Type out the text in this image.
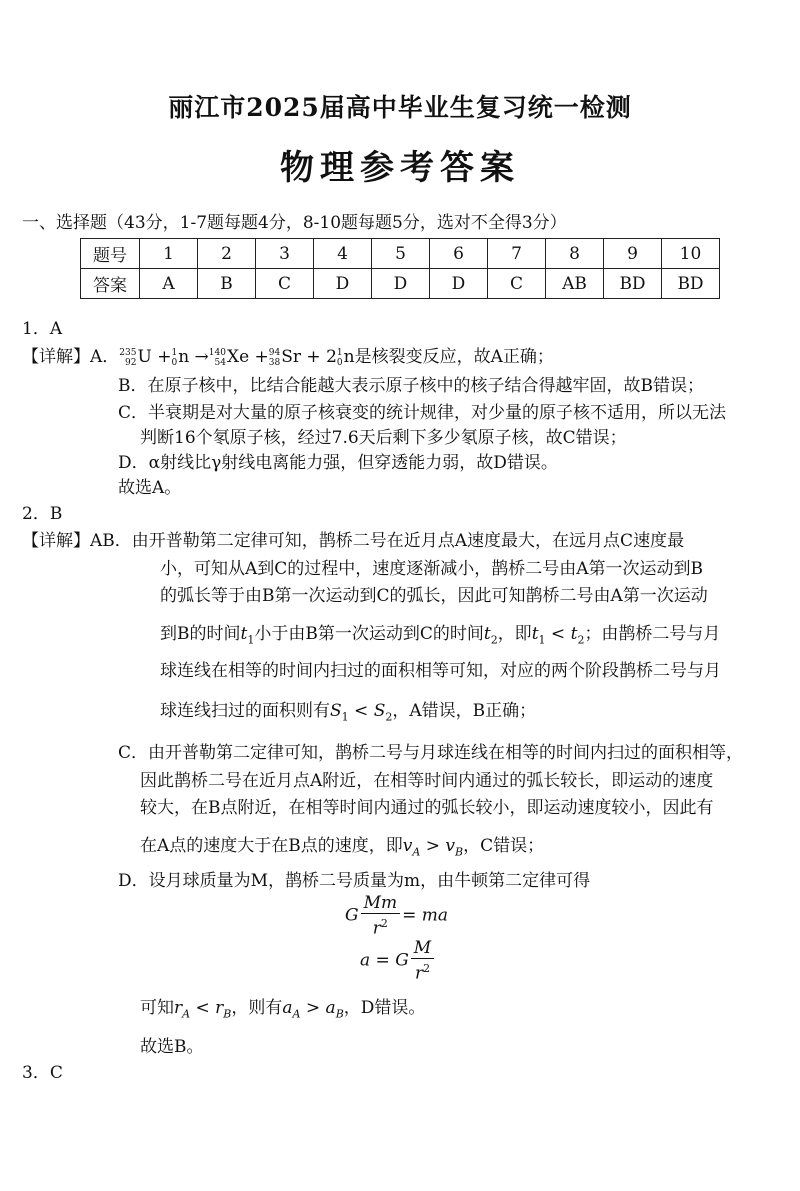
丽江市2025届高中毕业生复习统一检测
物理参考答案
一、选择题（43分，1-7题每题4分，8-10题每题5分，选对不全得3分）
题号	1	2	3	4	5	6	7	8	9	10
答案	A	B	C	D	D	D	C	AB	BD	BD
1．A
【详解】A． 235
92 U + 1
0 n → 140
54 Xe + 94
38 Sr + 2 1
0 n是核裂变反应，故A正确；
B．在原子核中，比结合能越大表示原子核中的核子结合得越牢固，故B错误；
C．半衰期是对大量的原子核衰变的统计规律，对少量的原子核不适用，所以无法
判断16个氡原子核，经过7.6天后剩下多少氡原子核，故C错误；
D．α射线比γ射线电离能力强，但穿透能力弱，故D错误。
故选A。
2．B
【详解】AB．由开普勒第二定律可知，鹊桥二号在近月点A速度最大，在远月点C速度最
小，可知从A到C的过程中，速度逐渐减小，鹊桥二号由A第一次运动到B
的弧长等于由B第一次运动到C的弧长，因此可知鹊桥二号由A第一次运动
到B的时间$t_1$小于由B第一次运动到C的时间$t_2$，即$t_1 < t_2$；由鹊桥二号与月
球连线在相等的时间内扫过的面积相等可知，对应的两个阶段鹊桥二号与月
球连线扫过的面积则有$S_1 < S_2$，A错误，B正确；
C．由开普勒第二定律可知，鹊桥二号与月球连线在相等的时间内扫过的面积相等，
因此鹊桥二号在近月点A附近，在相等时间内通过的弧长较长，即运动的速度
较大，在B点附近，在相等时间内通过的弧长较小，即运动速度较小，因此有
在A点的速度大于在B点的速度，即$v_A > v_B$，C错误；
D．设月球质量为M，鹊桥二号质量为m，由牛顿第二定律可得
G $\frac{Mm}{r^2}$ = ma
a = G $\frac{M}{r^2}$
可知$r_A < r_B$，则有$a_A > a_B$，D错误。
故选B。
3．C
